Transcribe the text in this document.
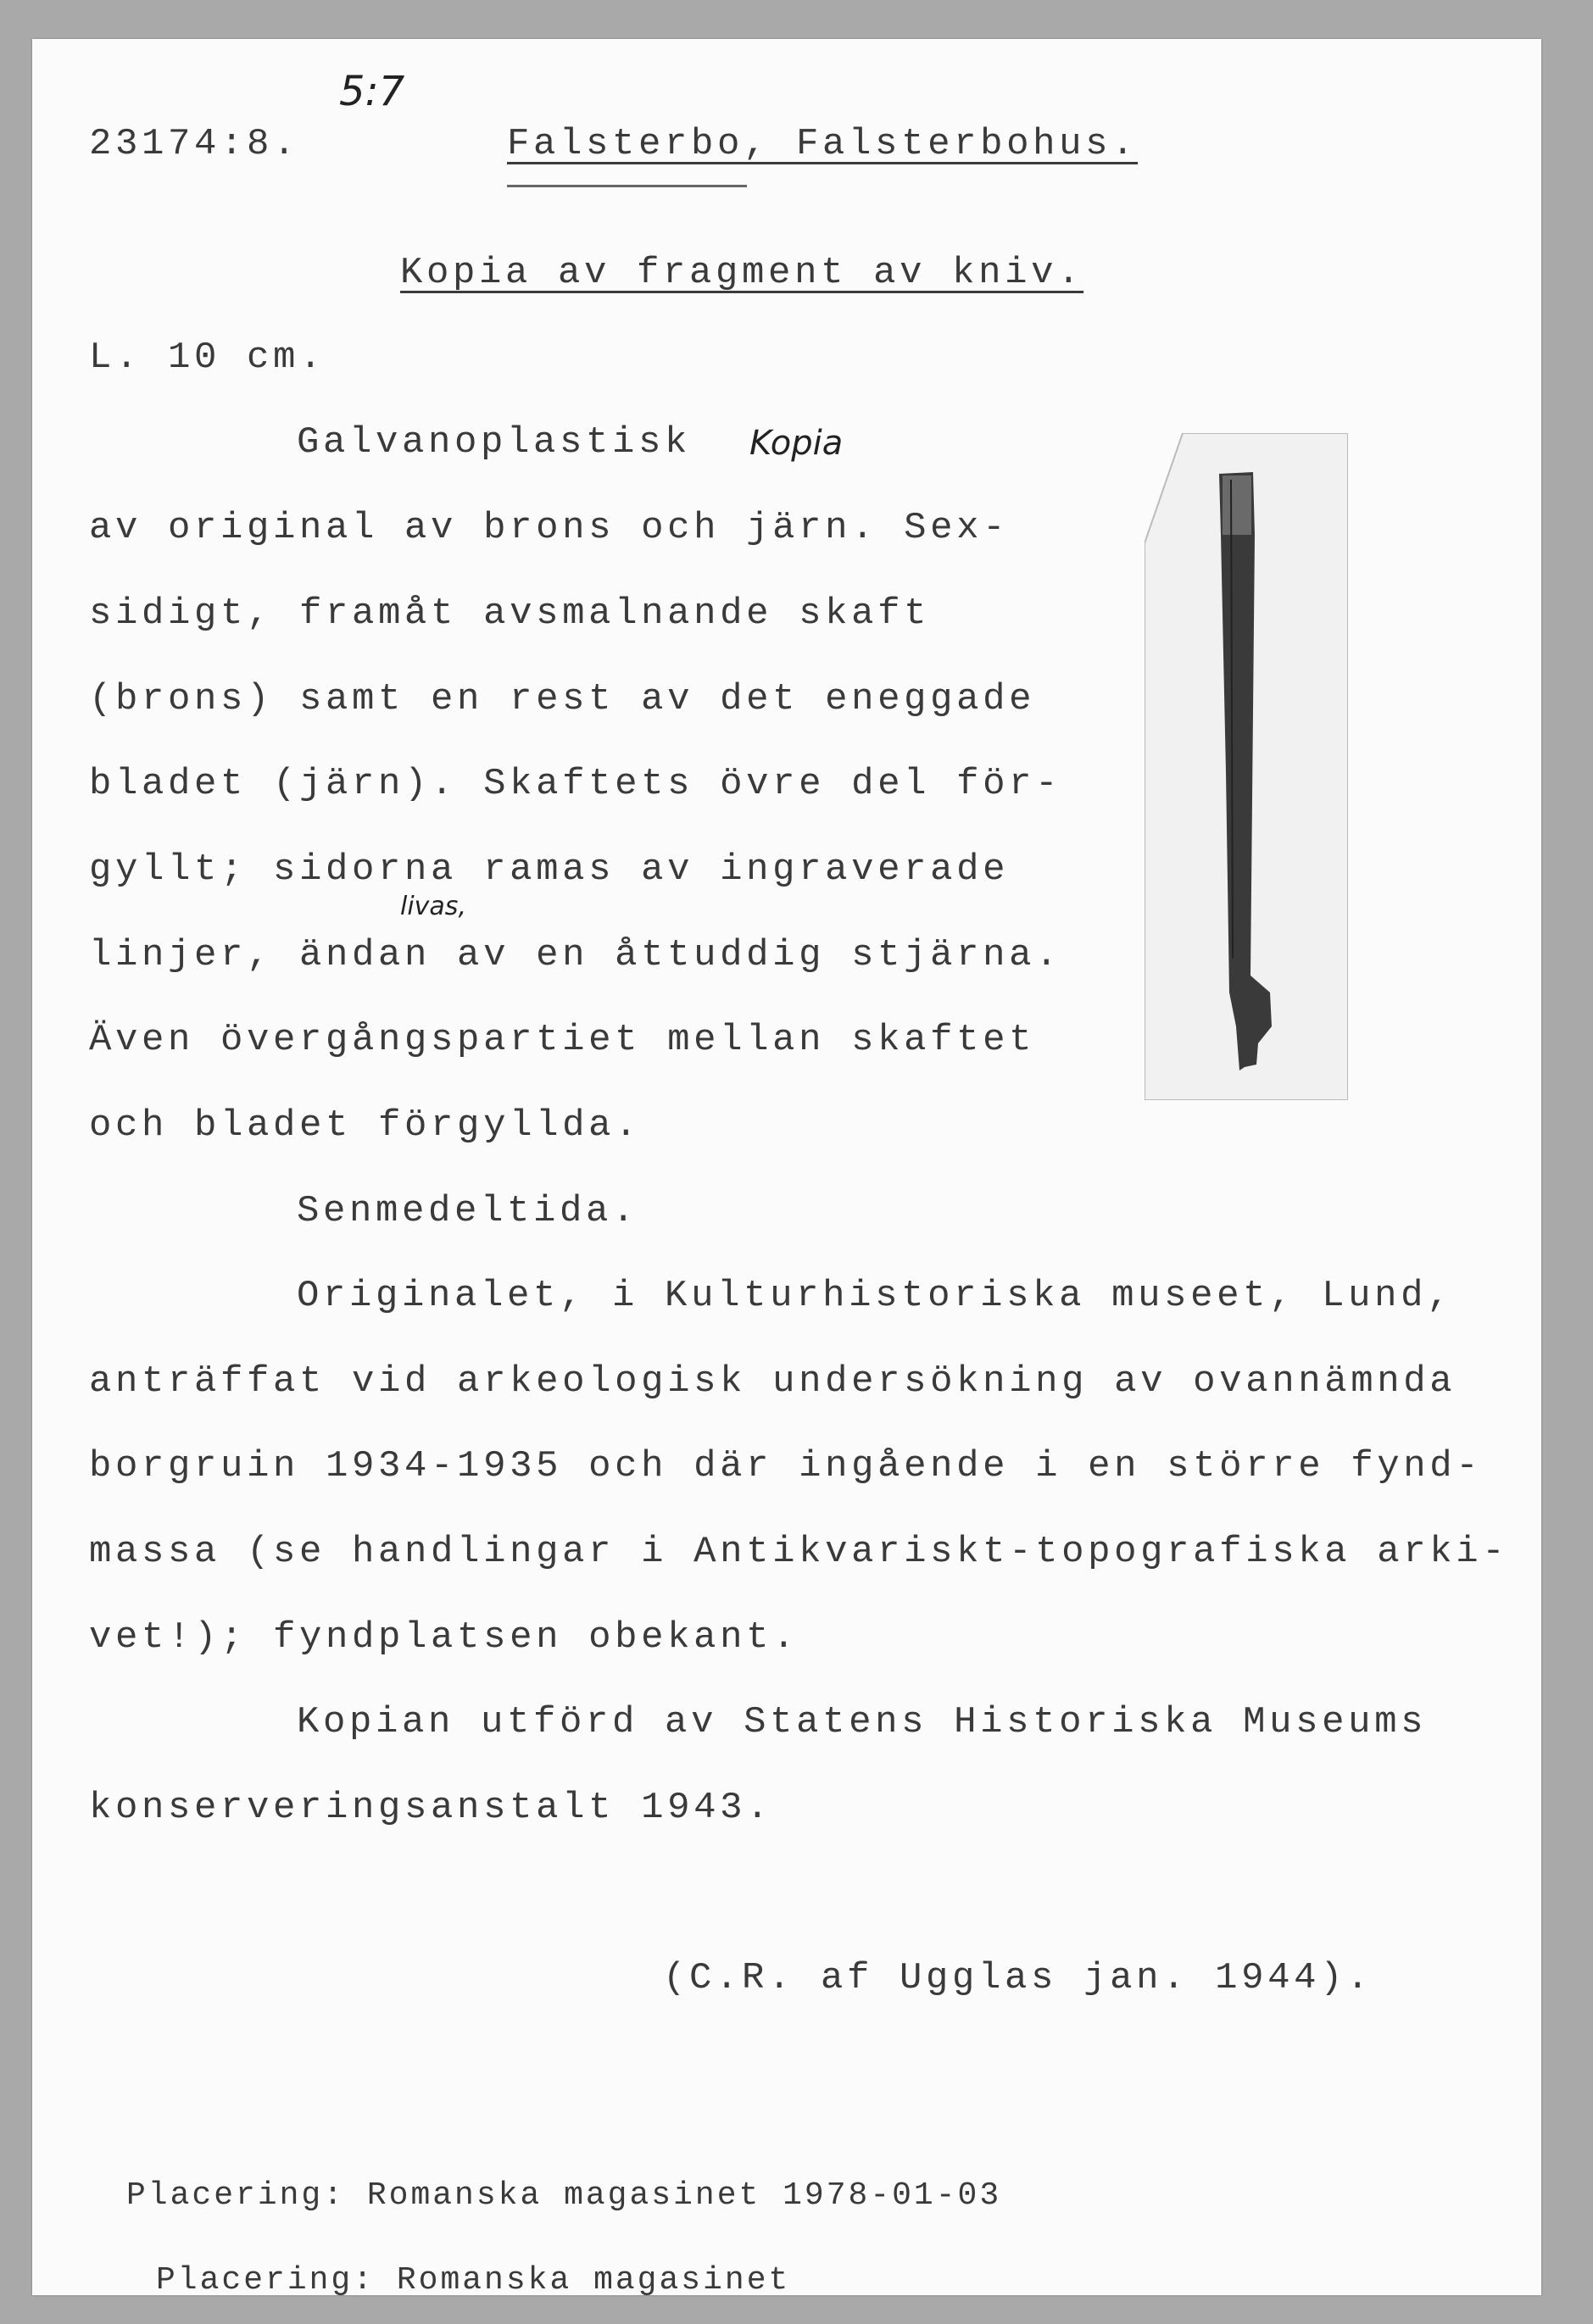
5:7
23174:8.	Falsterbo, Falsterbohus.
Kopia av fragment av kniv.
L. 10 cm.
Galvanoplastisk Kopia
av original av brons och järn. Sex-
sidigt, framåt avsmalnande skaft
(brons) samt en rest av det eneggade
bladet (järn). Skaftets övre del för-
gyllt; sidorna ramas av ingraverade
livas,
linjer, ändan av en åttuddig stjärna.
Även övergångspartiet mellan skaftet
och bladet förgyllda.
Senmedeltida.
Originalet, i Kulturhistoriska museet, Lund,
anträffat vid arkeologisk undersökning av ovannämnda
borgruin 1934-1935 och där ingående i en större fynd-
massa (se handlingar i Antikvariskt-topografiska arki-
vet!); fyndplatsen obekant.
Kopian utförd av Statens Historiska Museums
konserveringsanstalt 1943.
(C.R. af Ugglas jan. 1944).
Placering: Romanska magasinet 1978-01-03
Placering: Romanska magasinet
